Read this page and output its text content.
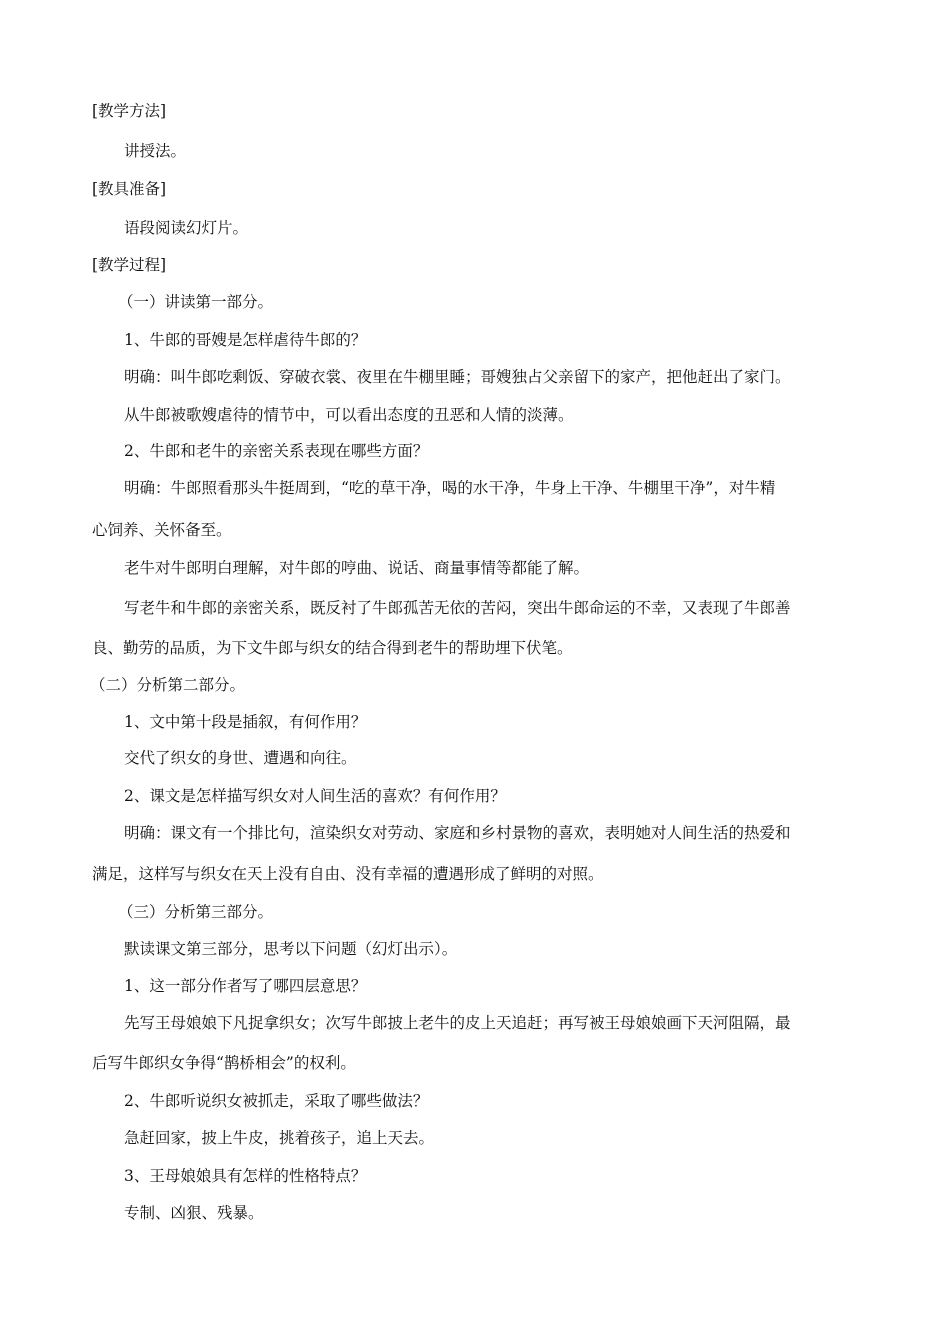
[教学方法]
讲授法。
[教具准备]
语段阅读幻灯片。
[教学过程]
（一）讲读第一部分。
1、牛郎的哥嫂是怎样虐待牛郎的？
明确：叫牛郎吃剩饭、穿破衣裳、夜里在牛棚里睡；哥嫂独占父亲留下的家产，把他赶出了家门。
从牛郎被歌嫂虐待的情节中，可以看出态度的丑恶和人情的淡薄。
2、牛郎和老牛的亲密关系表现在哪些方面？
明确：牛郎照看那头牛挺周到，“吃的草干净，喝的水干净，牛身上干净、牛棚里干净”，对牛精
心饲养、关怀备至。
老牛对牛郎明白理解，对牛郎的哼曲、说话、商量事情等都能了解。
写老牛和牛郎的亲密关系，既反衬了牛郎孤苦无依的苦闷，突出牛郎命运的不幸，又表现了牛郎善
良、勤劳的品质，为下文牛郎与织女的结合得到老牛的帮助埋下伏笔。
（二）分析第二部分。
1、文中第十段是插叙，有何作用？
交代了织女的身世、遭遇和向往。
2、课文是怎样描写织女对人间生活的喜欢？有何作用？
明确：课文有一个排比句，渲染织女对劳动、家庭和乡村景物的喜欢，表明她对人间生活的热爱和
满足，这样写与织女在天上没有自由、没有幸福的遭遇形成了鲜明的对照。
（三）分析第三部分。
默读课文第三部分，思考以下问题（幻灯出示）。
1、这一部分作者写了哪四层意思？
先写王母娘娘下凡捉拿织女；次写牛郎披上老牛的皮上天追赶；再写被王母娘娘画下天河阻隔，最
后写牛郎织女争得“鹊桥相会”的权利。
2、牛郎听说织女被抓走，采取了哪些做法？
急赶回家，披上牛皮，挑着孩子，追上天去。
3、王母娘娘具有怎样的性格特点？
专制、凶狠、残暴。
